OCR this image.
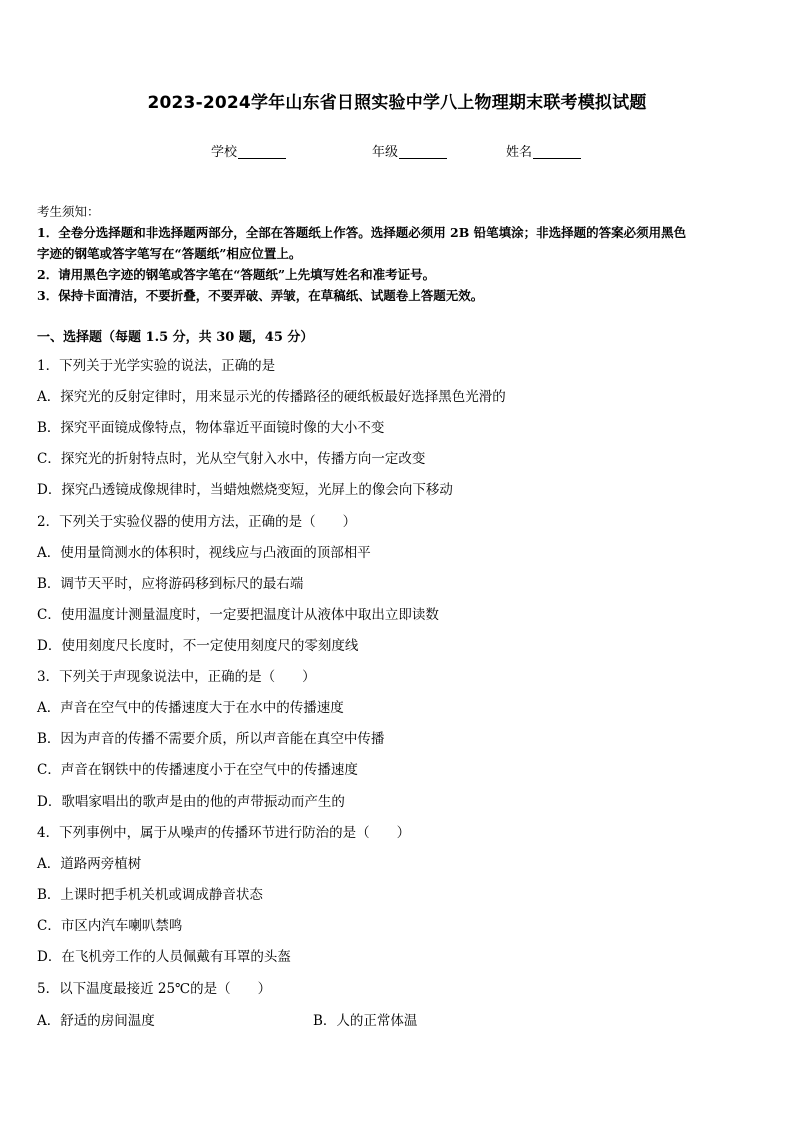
2023-2024学年山东省日照实验中学八上物理期末联考模拟试题
学校	年级	姓名
考生须知：
1．全卷分选择题和非选择题两部分，全部在答题纸上作答。选择题必须用 2B 铅笔填涂；非选择题的答案必须用黑色
字迹的钢笔或答字笔写在“答题纸”相应位置上。
2．请用黑色字迹的钢笔或答字笔在“答题纸”上先填写姓名和准考证号。
3．保持卡面清洁，不要折叠，不要弄破、弄皱，在草稿纸、试题卷上答题无效。
一、选择题（每题 1.5 分，共 30 题，45 分）
1．下列关于光学实验的说法，正确的是
A．探究光的反射定律时，用来显示光的传播路径的硬纸板最好选择黑色光滑的
B．探究平面镜成像特点，物体靠近平面镜时像的大小不变
C．探究光的折射特点时，光从空气射入水中，传播方向一定改变
D．探究凸透镜成像规律时，当蜡烛燃烧变短，光屏上的像会向下移动
2．下列关于实验仪器的使用方法，正确的是（　　）
A．使用量筒测水的体积时，视线应与凸液面的顶部相平
B．调节天平时，应将游码移到标尺的最右端
C．使用温度计测量温度时，一定要把温度计从液体中取出立即读数
D．使用刻度尺长度时，不一定使用刻度尺的零刻度线
3．下列关于声现象说法中，正确的是（　　）
A．声音在空气中的传播速度大于在水中的传播速度
B．因为声音的传播不需要介质，所以声音能在真空中传播
C．声音在钢铁中的传播速度小于在空气中的传播速度
D．歌唱家唱出的歌声是由的他的声带振动而产生的
4．下列事例中，属于从噪声的传播环节进行防治的是（　　）
A．道路两旁植树
B．上课时把手机关机或调成静音状态
C．市区内汽车喇叭禁鸣
D．在飞机旁工作的人员佩戴有耳罩的头盔
5．以下温度最接近 25℃的是（　　）
A．舒适的房间温度	B．人的正常体温
